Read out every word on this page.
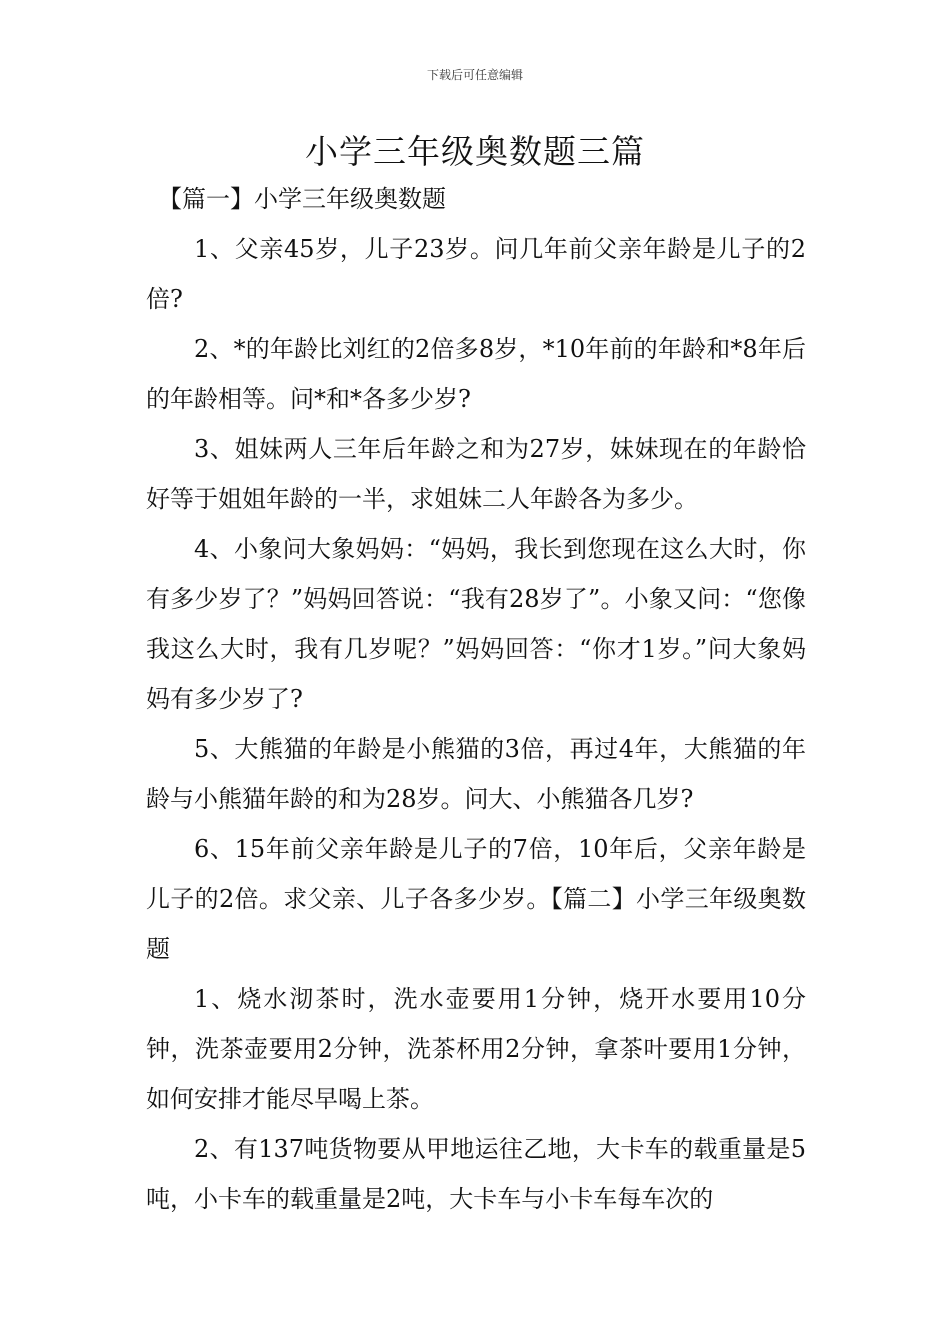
下载后可任意编辑
小学三年级奥数题三篇

【篇一】小学三年级奥数题

1、父亲45岁，儿子23岁。问几年前父亲年龄是儿子的2倍?

2、*的年龄比刘红的2倍多8岁，*10年前的年龄和*8年后的年龄相等。问*和*各多少岁?

3、姐妹两人三年后年龄之和为27岁，妹妹现在的年龄恰好等于姐姐年龄的一半，求姐妹二人年龄各为多少。

4、小象问大象妈妈：“妈妈，我长到您现在这么大时，你有多少岁了？”妈妈回答说：“我有28岁了”。小象又问：“您像我这么大时，我有几岁呢？”妈妈回答：“你才1岁。”问大象妈妈有多少岁了?

5、大熊猫的年龄是小熊猫的3倍，再过4年，大熊猫的年龄与小熊猫年龄的和为28岁。问大、小熊猫各几岁?

6、15年前父亲年龄是儿子的7倍，10年后，父亲年龄是儿子的2倍。求父亲、儿子各多少岁。【篇二】小学三年级奥数题

1、烧水沏茶时，洗水壶要用1分钟，烧开水要用10分钟，洗茶壶要用2分钟，洗茶杯用2分钟，拿茶叶要用1分钟，如何安排才能尽早喝上茶。

2、有137吨货物要从甲地运往乙地，大卡车的载重量是5吨，小卡车的载重量是2吨，大卡车与小卡车每车次的
